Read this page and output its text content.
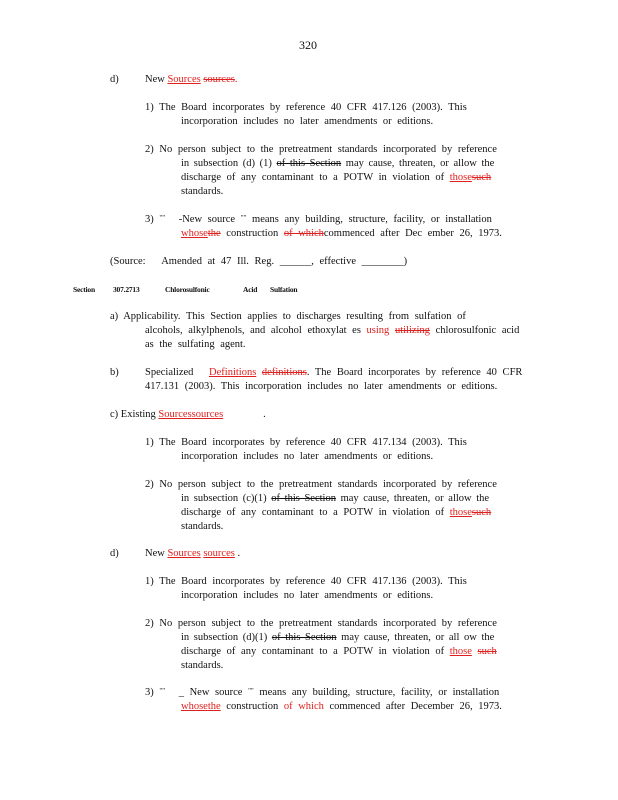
320
d)	New Sources sources.
1) The Board incorporates by reference 40 CFR 417.126 (2003). This
incorporation includes no later amendments or editions.
2) No person subject to the pretreatment standards incorporated by reference
in subsection (d) (1) of this Section may cause, threaten, or allow the
discharge of any contaminant to a POTW in violation of thosesuch
standards.
3) "" -New source "" means any building, structure, facility, or installation
whosethe construction of whichcommenced after Dec ember 26, 1973.
(Source: Amended at 47 Ill. Reg. ______, effective ________)
Section 307.2713	Chlorosulfonic	Acid Sulfation
a) Applicability. This Section applies to discharges resulting from sulfation of
alcohols, alkylphenols, and alcohol ethoxylat es using utilizing chlorosulfonic acid
as the sulfating agent.
b)	Specialized Definitions definitions. The Board incorporates by reference 40 CFR
417.131 (2003). This incorporation includes no later amendments or editions.
c) Existing Sourcessources	.
1) The Board incorporates by reference 40 CFR 417.134 (2003). This
incorporation includes no later amendments or editions.
2) No person subject to the pretreatment standards incorporated by reference
in subsection (c)(1) of this Section may cause, threaten, or allow the
discharge of any contaminant to a POTW in violation of thosesuch
standards.
d)	New Sources sources .
1) The Board incorporates by reference 40 CFR 417.136 (2003). This
incorporation includes no later amendments or editions.
2) No person subject to the pretreatment standards incorporated by reference
in subsection (d)(1) of this Section may cause, threaten, or all ow the
discharge of any contaminant to a POTW in violation of those such
standards.
3) "" _ New source "" means any building, structure, facility, or installation
whosethe construction of which commenced after December 26, 1973.
